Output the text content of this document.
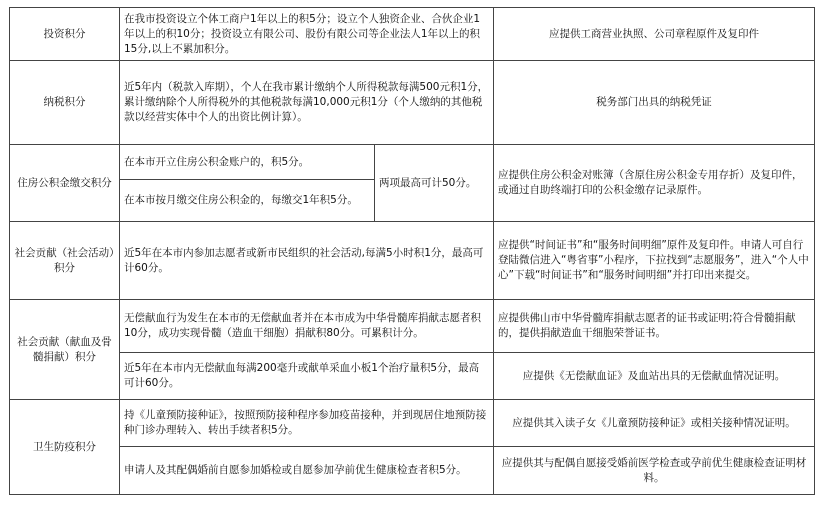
投资积分	在我市投资设立个体工商户1年以上的积5分；设立个人独资企业、合伙企业1年以上的积10分；投资设立有限公司、股份有限公司等企业法人1年以上的积15分,以上不累加积分。		应提供工商营业执照、公司章程原件及复印件
纳税积分	近5年内（税款入库期），个人在我市累计缴纳个人所得税款每满500元积1分，累计缴纳除个人所得税外的其他税款每满10,000元积1分（个人缴纳的其他税款以经营实体中个人的出资比例计算）。		税务部门出具的纳税凭证
住房公积金缴交积分	在本市开立住房公积金账户的，积5分。	两项最高可计50分。	应提供住房公积金对账簿（含原住房公积金专用存折）及复印件，或通过自助终端打印的公积金缴存记录原件。
	在本市按月缴交住房公积金的，每缴交1年积5分。		
社会贡献（社会活动）积分	近5年在本市内参加志愿者或新市民组织的社会活动,每满5小时积1分，最高可计60分。		应提供“时间证书”和“服务时间明细”原件及复印件。申请人可自行登陆微信进入“粤省事”小程序，下拉找到“志愿服务”，进入“个人中心”下载“时间证书”和“服务时间明细”并打印出来提交。
社会贡献（献血及骨髓捐献）积分	无偿献血行为发生在本市的无偿献血者并在本市成为中华骨髓库捐献志愿者积10分，成功实现骨髓（造血干细胞）捐献积80分。可累积计分。		应提供佛山市中华骨髓库捐献志愿者的证书或证明;符合骨髓捐献的，提供捐献造血干细胞荣誉证书。
	近5年在本市内无偿献血每满200毫升或献单采血小板1个治疗量积5分，最高可计60分。		应提供《无偿献血证》及血站出具的无偿献血情况证明。
卫生防疫积分	持《儿童预防接种证》，按照预防接种程序参加疫苗接种，并到现居住地预防接种门诊办理转入、转出手续者积5分。		应提供其入读子女《儿童预防接种证》或相关接种情况证明。
	申请人及其配偶婚前自愿参加婚检或自愿参加孕前优生健康检查者积5分。		应提供其与配偶自愿接受婚前医学检查或孕前优生健康检查证明材料。
